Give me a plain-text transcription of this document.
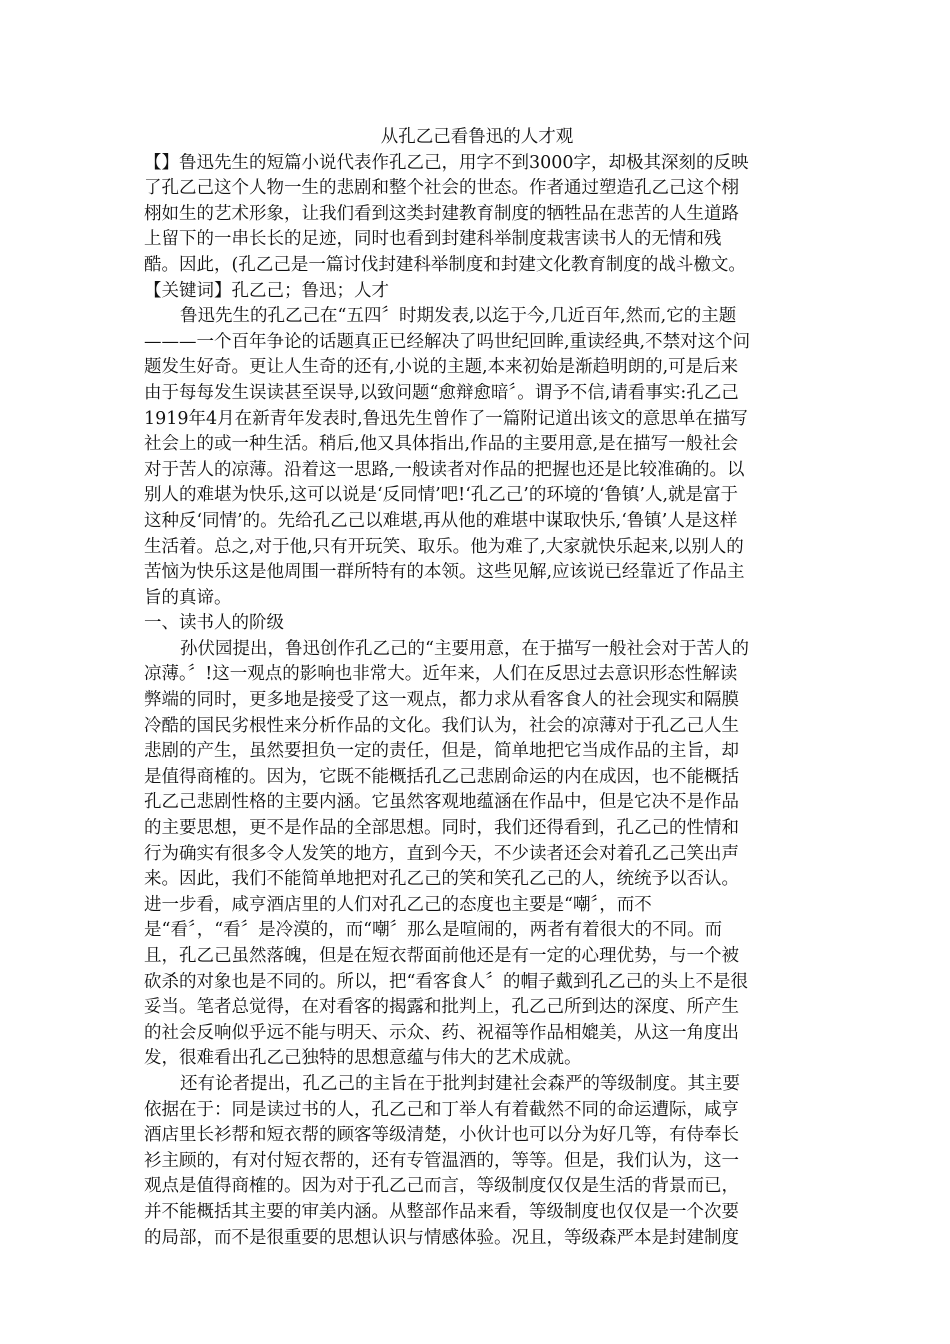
从孔乙己看鲁迅的人才观

【】鲁迅先生的短篇小说代表作孔乙己，用字不到3000字，却极其深刻的反映

了孔乙己这个人物一生的悲剧和整个社会的世态。作者通过塑造孔乙己这个栩

栩如生的艺术形象，让我们看到这类封建教育制度的牺牲品在悲苦的人生道路

上留下的一串长长的足迹，同时也看到封建科举制度栽害读书人的无情和残

酷。因此，(孔乙己是一篇讨伐封建科举制度和封建文化教育制度的战斗檄文。

【关键词】孔乙己；鲁迅；人才

鲁迅先生的孔乙己在“五四〞时期发表,以迄于今,几近百年,然而,它的主题

———一个百年争论的话题真正已经解决了吗世纪回眸,重读经典,不禁对这个问

题发生好奇。更让人生奇的还有,小说的主题,本来初始是渐趋明朗的,可是后来

由于每每发生误读甚至误导,以致问题“愈辩愈暗〞。谓予不信,请看事实:孔乙己

1919年4月在新青年发表时,鲁迅先生曾作了一篇附记道出该文的意思单在描写

社会上的或一种生活。稍后,他又具体指出,作品的主要用意,是在描写一般社会

对于苦人的凉薄。沿着这一思路,一般读者对作品的把握也还是比较准确的。以

别人的难堪为快乐,这可以说是‘反同情’吧!‘孔乙己’的环境的‘鲁镇’人,就是富于

这种反‘同情’的。先给孔乙己以难堪,再从他的难堪中谋取快乐,‘鲁镇’人是这样

生活着。总之,对于他,只有开玩笑、取乐。他为难了,大家就快乐起来,以别人的

苦恼为快乐这是他周围一群所特有的本领。这些见解,应该说已经靠近了作品主

旨的真谛。

一、读书人的阶级

孙伏园提出，鲁迅创作孔乙己的“主要用意，在于描写一般社会对于苦人的

凉薄。〞!这一观点的影响也非常大。近年来，人们在反思过去意识形态性解读

弊端的同时，更多地是接受了这一观点，都力求从看客食人的社会现实和隔膜

冷酷的国民劣根性来分析作品的文化。我们认为，社会的凉薄对于孔乙己人生

悲剧的产生，虽然要担负一定的责任，但是，简单地把它当成作品的主旨，却

是值得商榷的。因为，它既不能概括孔乙己悲剧命运的内在成因，也不能概括

孔乙己悲剧性格的主要内涵。它虽然客观地蕴涵在作品中，但是它决不是作品

的主要思想，更不是作品的全部思想。同时，我们还得看到，孔乙己的性情和

行为确实有很多令人发笑的地方，直到今天，不少读者还会对着孔乙己笑出声

来。因此，我们不能简单地把对孔乙己的笑和笑孔乙己的人，统统予以否认。

进一步看，咸亨酒店里的人们对孔乙己的态度也主要是“嘲〞，而不

是“看〞，“看〞是冷漠的，而“嘲〞那么是喧闹的，两者有着很大的不同。而

且，孔乙己虽然落魄，但是在短衣帮面前他还是有一定的心理优势，与一个被

砍杀的对象也是不同的。所以，把“看客食人〞的帽子戴到孔乙己的头上不是很

妥当。笔者总觉得，在对看客的揭露和批判上，孔乙己所到达的深度、所产生

的社会反响似乎远不能与明天、示众、药、祝福等作品相媲美，从这一角度出

发，很难看出孔乙己独特的思想意蕴与伟大的艺术成就。

还有论者提出，孔乙己的主旨在于批判封建社会森严的等级制度。其主要

依据在于：同是读过书的人，孔乙己和丁举人有着截然不同的命运遭际，咸亨

酒店里长衫帮和短衣帮的顾客等级清楚，小伙计也可以分为好几等，有侍奉长

衫主顾的，有对付短衣帮的，还有专管温酒的，等等。但是，我们认为，这一

观点是值得商榷的。因为对于孔乙己而言，等级制度仅仅是生活的背景而已，

并不能概括其主要的审美内涵。从整部作品来看，等级制度也仅仅是一个次要

的局部，而不是很重要的思想认识与情感体验。况且，等级森严本是封建制度
